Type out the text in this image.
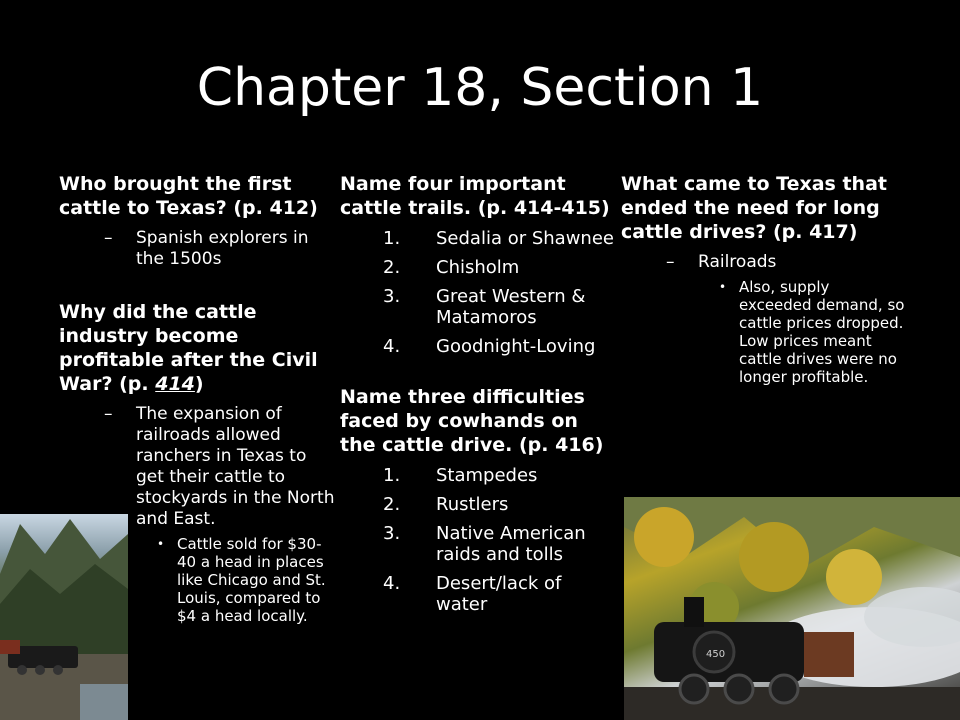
Chapter 18, Section 1
Who brought the first cattle to Texas? (p. 412)
– Spanish explorers in the 1500s
Why did the cattle industry become profitable after the Civil War? (p. 414)
– The expansion of railroads allowed ranchers in Texas to get their cattle to stockyards in the North and East.
• Cattle sold for $30-40 a head in places like Chicago and St. Louis, compared to $4 a head locally.
Name four important cattle trails. (p. 414-415)
1. Sedalia or Shawnee
2. Chisholm
3. Great Western & Matamoros
4. Goodnight-Loving
Name three difficulties faced by cowhands on the cattle drive. (p. 416)
1. Stampedes
2. Rustlers
3. Native American raids and tolls
4. Desert/lack of water
What came to Texas that ended the need for long cattle drives? (p. 417)
– Railroads
• Also, supply exceeded demand, so cattle prices dropped. Low prices meant cattle drives were no longer profitable.
450
